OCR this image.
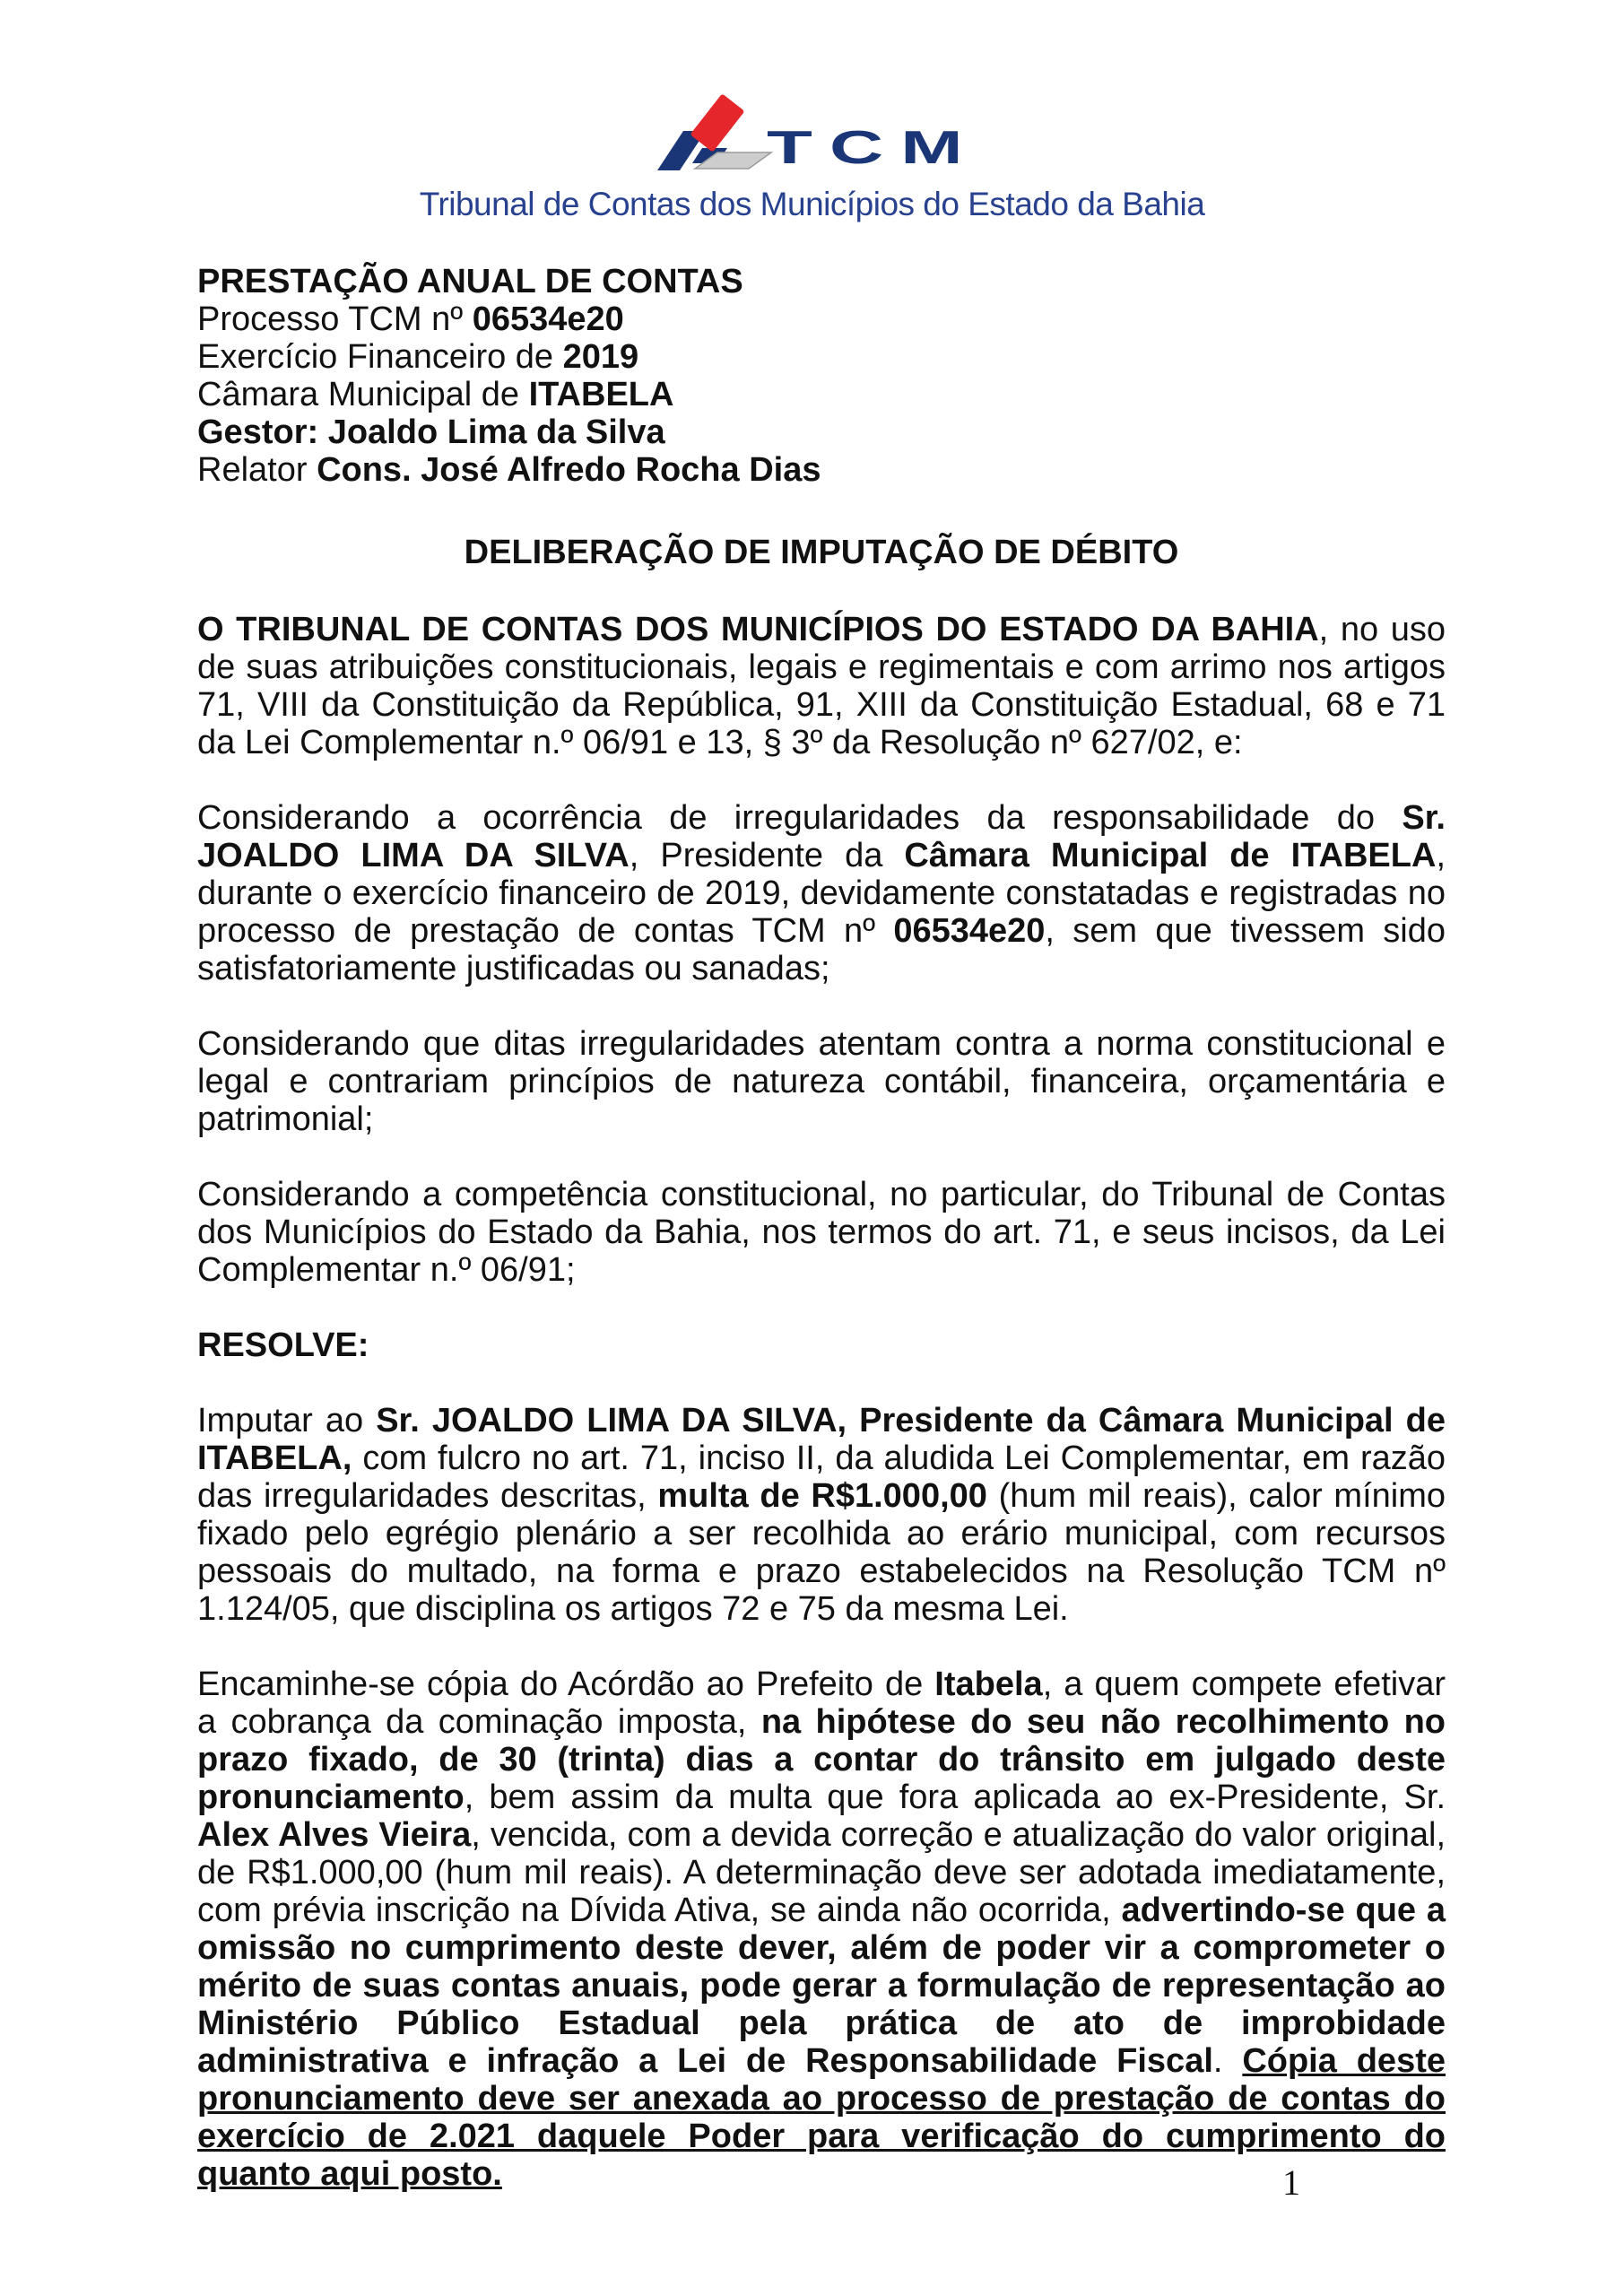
TCM
Tribunal de Contas dos Municípios do Estado da Bahia

PRESTAÇÃO ANUAL DE CONTAS

Processo TCM nº 06534e20

Exercício Financeiro de 2019

Câmara Municipal de ITABELA

Gestor: Joaldo Lima da Silva

Relator Cons. José Alfredo Rocha Dias

DELIBERAÇÃO DE IMPUTAÇÃO DE DÉBITO

O TRIBUNAL DE CONTAS DOS MUNICÍPIOS DO ESTADO DA BAHIA, no uso de suas atribuições constitucionais, legais e regimentais e com arrimo nos artigos 71, VIII da Constituição da República, 91, XIII da Constituição Estadual, 68 e 71 da Lei Complementar n.º 06/91 e 13, § 3º da Resolução nº 627/02, e:

Considerando a ocorrência de irregularidades da responsabilidade do Sr. JOALDO LIMA DA SILVA, Presidente da Câmara Municipal de ITABELA, durante o exercício financeiro de 2019, devidamente constatadas e registradas no processo de prestação de contas TCM nº 06534e20, sem que tivessem sido satisfatoriamente justificadas ou sanadas;

Considerando que ditas irregularidades atentam contra a norma constitucional e legal e contrariam princípios de natureza contábil, financeira, orçamentária e patrimonial;

Considerando a competência constitucional, no particular, do Tribunal de Contas dos Municípios do Estado da Bahia, nos termos do art. 71, e seus incisos, da Lei Complementar n.º 06/91;

RESOLVE:

Imputar ao Sr. JOALDO LIMA DA SILVA, Presidente da Câmara Municipal de ITABELA, com fulcro no art. 71, inciso II, da aludida Lei Complementar, em razão das irregularidades descritas, multa de R$1.000,00 (hum mil reais), calor mínimo fixado pelo egrégio plenário a ser recolhida ao erário municipal, com recursos pessoais do multado, na forma e prazo estabelecidos na Resolução TCM nº 1.124/05, que disciplina os artigos 72 e 75 da mesma Lei.

Encaminhe-se cópia do Acórdão ao Prefeito de Itabela, a quem compete efetivar a cobrança da cominação imposta, na hipótese do seu não recolhimento no prazo fixado, de 30 (trinta) dias a contar do trânsito em julgado deste pronunciamento, bem assim da multa que fora aplicada ao ex-Presidente, Sr. Alex Alves Vieira, vencida, com a devida correção e atualização do valor original, de R$1.000,00 (hum mil reais). A determinação deve ser adotada imediatamente, com prévia inscrição na Dívida Ativa, se ainda não ocorrida, advertindo-se que a omissão no cumprimento deste dever, além de poder vir a comprometer o mérito de suas contas anuais, pode gerar a formulação de representação ao Ministério Público Estadual pela prática de ato de improbidade administrativa e infração a Lei de Responsabilidade Fiscal. Cópia deste pronunciamento deve ser anexada ao processo de prestação de contas do exercício de 2.021 daquele Poder para verificação do cumprimento do quanto aqui posto.	1
